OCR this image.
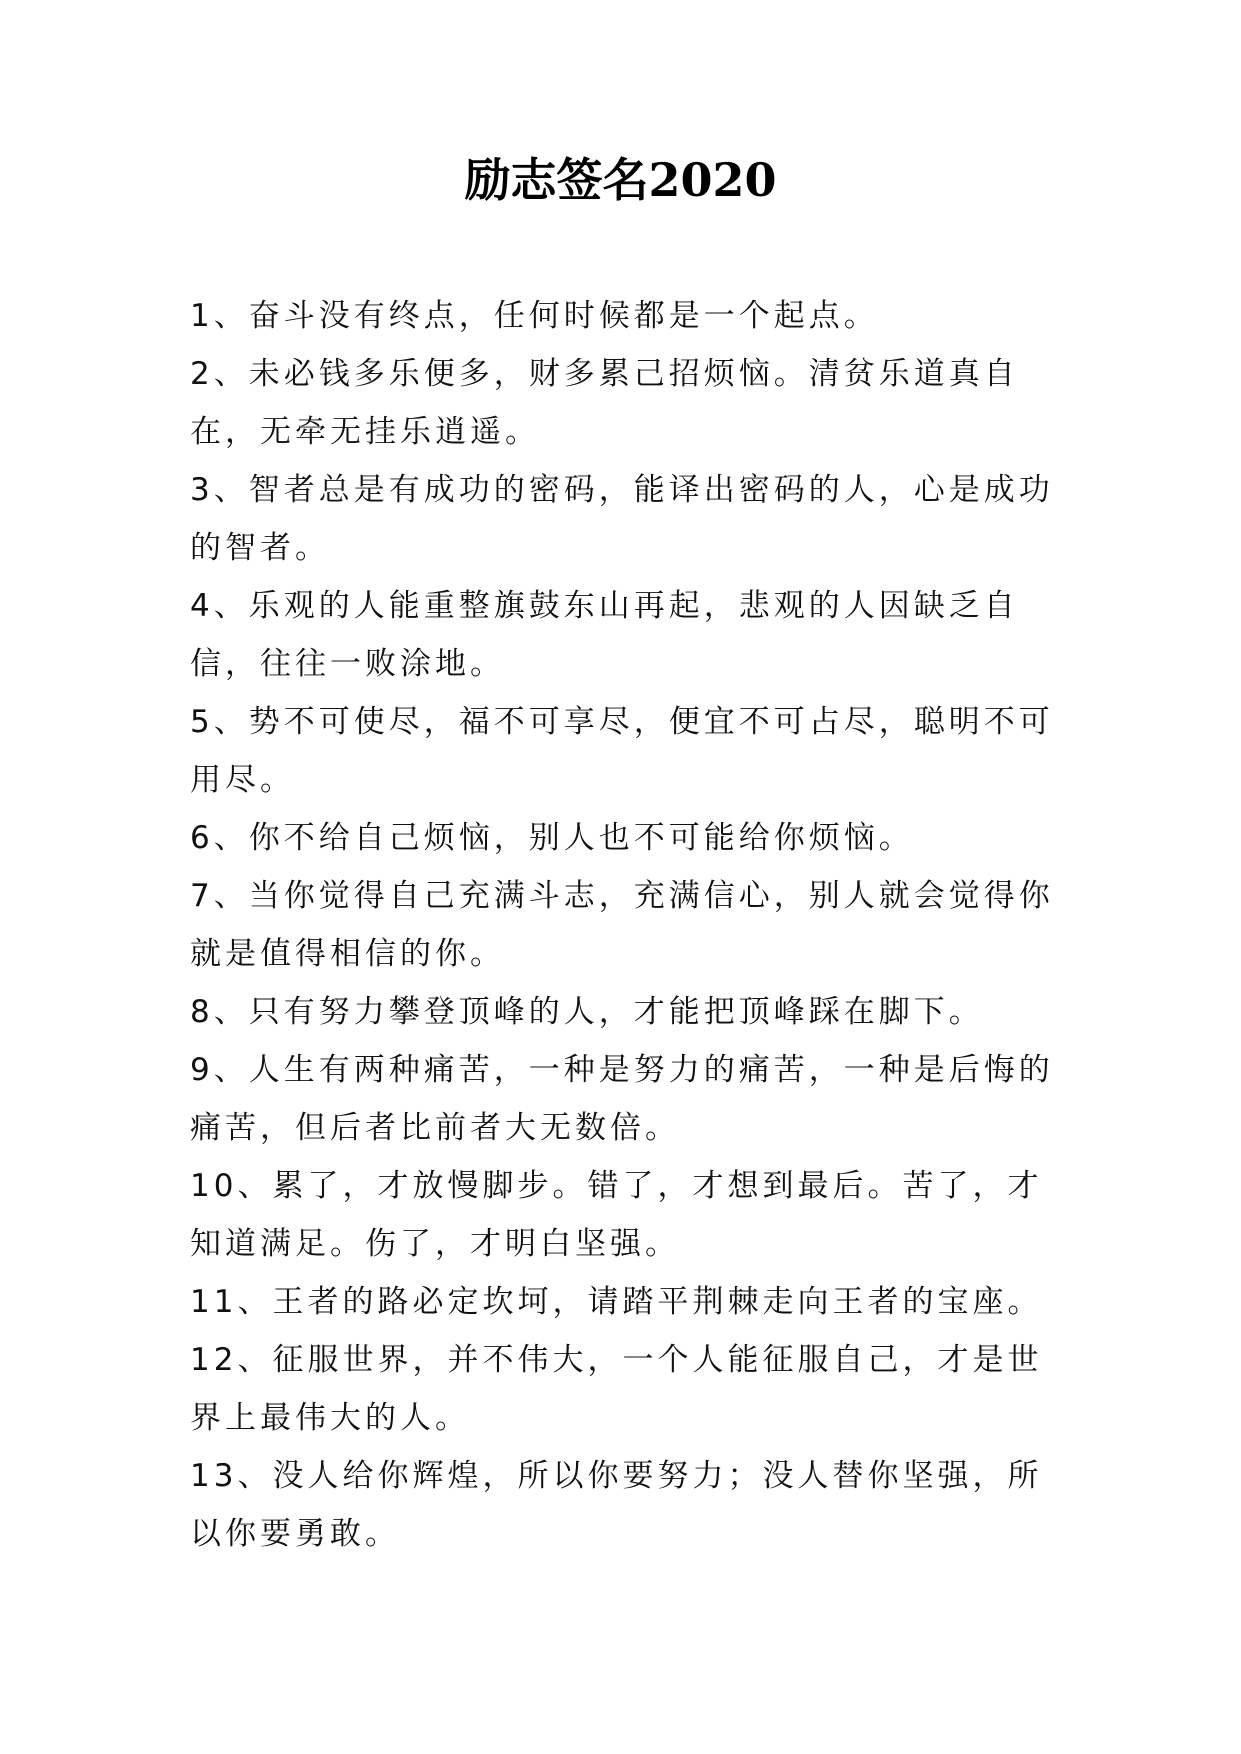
励志签名2020

1、奋斗没有终点，任何时候都是一个起点。

2、未必钱多乐便多，财多累己招烦恼。清贫乐道真自在，无牵无挂乐逍遥。

3、智者总是有成功的密码，能译出密码的人，心是成功的智者。

4、乐观的人能重整旗鼓东山再起，悲观的人因缺乏自信，往往一败涂地。

5、势不可使尽，福不可享尽，便宜不可占尽，聪明不可用尽。

6、你不给自己烦恼，别人也不可能给你烦恼。

7、当你觉得自己充满斗志，充满信心，别人就会觉得你就是值得相信的你。

8、只有努力攀登顶峰的人，才能把顶峰踩在脚下。

9、人生有两种痛苦，一种是努力的痛苦，一种是后悔的痛苦，但后者比前者大无数倍。

10、累了，才放慢脚步。错了，才想到最后。苦了，才知道满足。伤了，才明白坚强。

11、王者的路必定坎坷，请踏平荆棘走向王者的宝座。

12、征服世界，并不伟大，一个人能征服自己，才是世界上最伟大的人。

13、没人给你辉煌，所以你要努力；没人替你坚强，所以你要勇敢。
